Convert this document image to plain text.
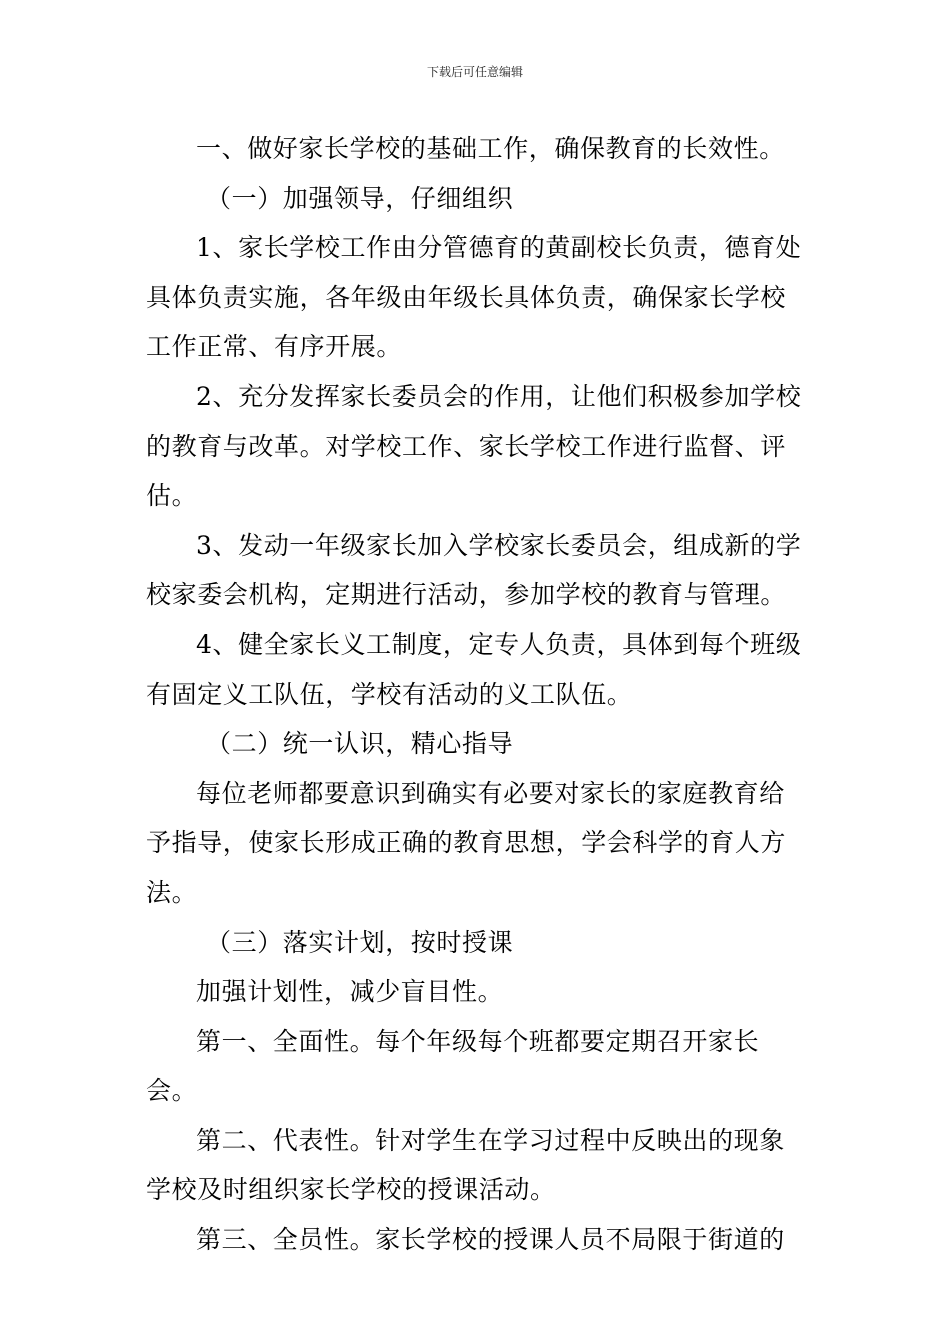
下载后可任意编辑

一、做好家长学校的基础工作，确保教育的长效性。

（一）加强领导，仔细组织

1、家长学校工作由分管德育的黄副校长负责，德育处具体负责实施，各年级由年级长具体负责，确保家长学校工作正常、有序开展。

2、充分发挥家长委员会的作用，让他们积极参加学校的教育与改革。对学校工作、家长学校工作进行监督、评估。

3、发动一年级家长加入学校家长委员会，组成新的学校家委会机构，定期进行活动，参加学校的教育与管理。

4、健全家长义工制度，定专人负责，具体到每个班级有固定义工队伍，学校有活动的义工队伍。

（二）统一认识，精心指导

每位老师都要意识到确实有必要对家长的家庭教育给予指导，使家长形成正确的教育思想，学会科学的育人方法。

（三）落实计划，按时授课

加强计划性，减少盲目性。

第一、全面性。每个年级每个班都要定期召开家长会。

第二、代表性。针对学生在学习过程中反映出的现象学校及时组织家长学校的授课活动。

第三、全员性。家长学校的授课人员不局限于街道的
